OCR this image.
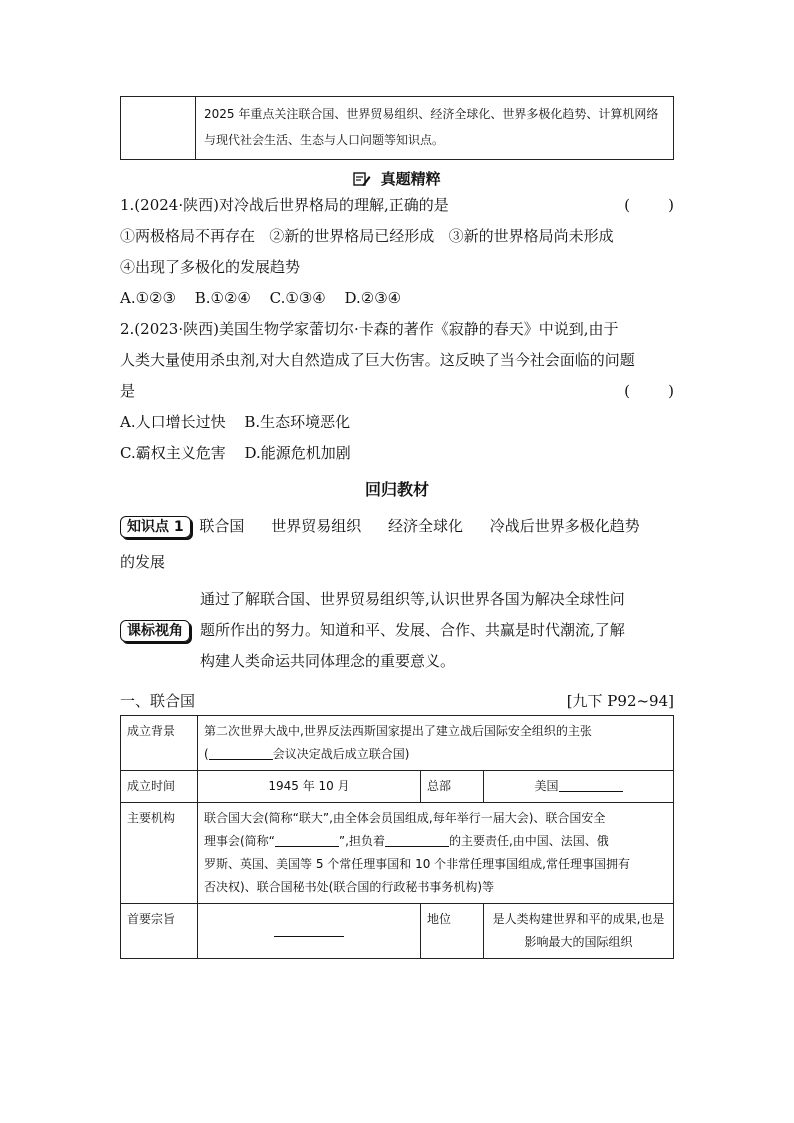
	2025 年重点关注联合国、世界贸易组织、经济全球化、世界多极化趋势、计算机网络与现代社会生活、生态与人口问题等知识点。
真题精粹
1.(2024·陕西)对冷战后世界格局的理解,正确的是	(        )
①两极格局不再存在   ②新的世界格局已经形成   ③新的世界格局尚未形成
④出现了多极化的发展趋势
A.①②③ B.①②④ C.①③④ D.②③④
2.(2023·陕西)美国生物学家蕾切尔·卡森的著作《寂静的春天》中说到,由于
人类大量使用杀虫剂,对大自然造成了巨大伤害。这反映了当今社会面临的问题
是	(        )
A.人口增长过快 B.生态环境恶化
C.霸权主义危害 D.能源危机加剧
回归教材
知识点 1 联合国 世界贸易组织 经济全球化 冷战后世界多极化趋势
的发展
课标视角
通过了解联合国、世界贸易组织等,认识世界各国为解决全球性问
题所作出的努力。知道和平、发展、合作、共赢是时代潮流,了解
构建人类命运共同体理念的重要意义。
一、联合国	[九下 P92~94]
成立背景	第二次世界大战中,世界反法西斯国家提出了建立战后国际安全组织的主张
( 会议决定战后成立联合国)		

成立时间	1945 年 10 月	总部	美国
主要机构	联合国大会(简称“联大”,由全体会员国组成,每年举行一届大会)、联合国安全
理事会(简称“ ”,担负着 的主要责任,由中国、法国、俄
罗斯、英国、美国等 5 个常任理事国和 10 个非常任理事国组成,常任理事国拥有
否决权)、联合国秘书处(联合国的行政秘书事务机构)等		

首要宗旨		地位	是人类构建世界和平的成果,也是
影响最大的国际组织
